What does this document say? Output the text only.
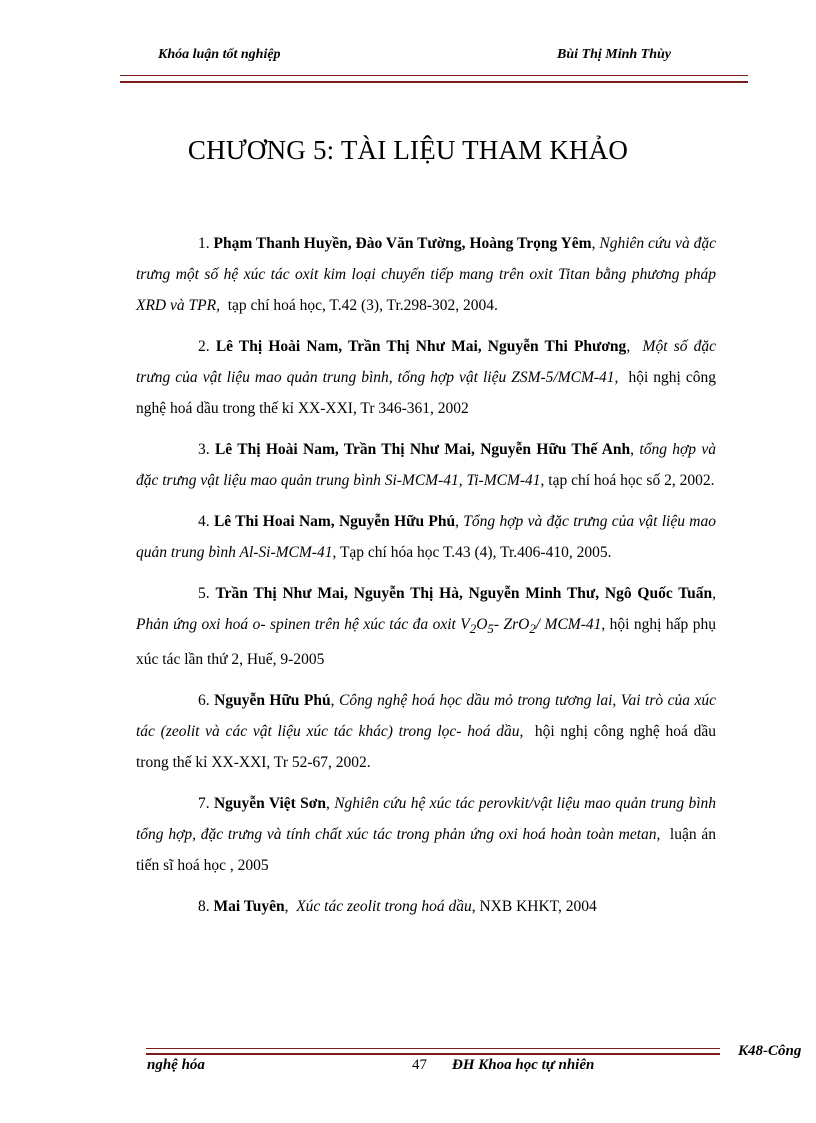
Khóa luận tốt nghiệp	Bùi Thị Minh Thùy
CHƯƠNG 5: TÀI LIỆU THAM KHẢO

1. Phạm Thanh Huyền, Đào Văn Tường, Hoàng Trọng Yêm, Nghiên cứu và đặc trưng một số hệ xúc tác oxit kim loại chuyển tiếp mang trên oxit Titan bằng phương pháp XRD và TPR, tạp chí hoá học, T.42 (3), Tr.298-302, 2004.

2. Lê Thị Hoài Nam, Trần Thị Như Mai, Nguyễn Thi Phương, Một số đặc trưng của vật liệu mao quản trung bình, tổng hợp vật liệu ZSM-5/MCM-41, hội nghị công nghệ hoá dầu trong thế kỉ XX-XXI, Tr 346-361, 2002

3. Lê Thị Hoài Nam, Trần Thị Như Mai, Nguyễn Hữu Thế Anh, tổng hợp và đặc trưng vật liệu mao quản trung bình Si-MCM-41, Ti-MCM-41, tạp chí hoá học số 2, 2002.

4. Lê Thi Hoai Nam, Nguyễn Hữu Phú, Tổng hợp và đặc trưng của vật liệu mao quản trung bình Al-Si-MCM-41, Tạp chí hóa học T.43 (4), Tr.406-410, 2005.

5. Trần Thị Như Mai, Nguyễn Thị Hà, Nguyễn Minh Thư, Ngô Quốc Tuấn, Phản ứng oxi hoá o- spinen trên hệ xúc tác đa oxit $V_2O_5-$ ZrO$_2$/ MCM-41, hội nghị hấp phụ xúc tác lần thứ 2, Huế, 9-2005

6. Nguyễn Hữu Phú, Công nghệ hoá học dầu mỏ trong tương lai, Vai trò của xúc tác (zeolit và các vật liệu xúc tác khác) trong lọc- hoá dầu, hội nghị công nghệ hoá dầu trong thế kỉ XX-XXI, Tr 52-67, 2002.

7. Nguyễn Việt Sơn, Nghiên cứu hệ xúc tác perovkit/vật liệu mao quản trung bình tổng hợp, đặc trưng và tính chất xúc tác trong phản ứng oxi hoá hoàn toàn metan, luận án tiến sĩ hoá học , 2005

8. Mai Tuyên, Xúc tác zeolit trong hoá dầu, NXB KHKT, 2004

K48-Công
nghệ hóa	47 ĐH Khoa học tự nhiên
